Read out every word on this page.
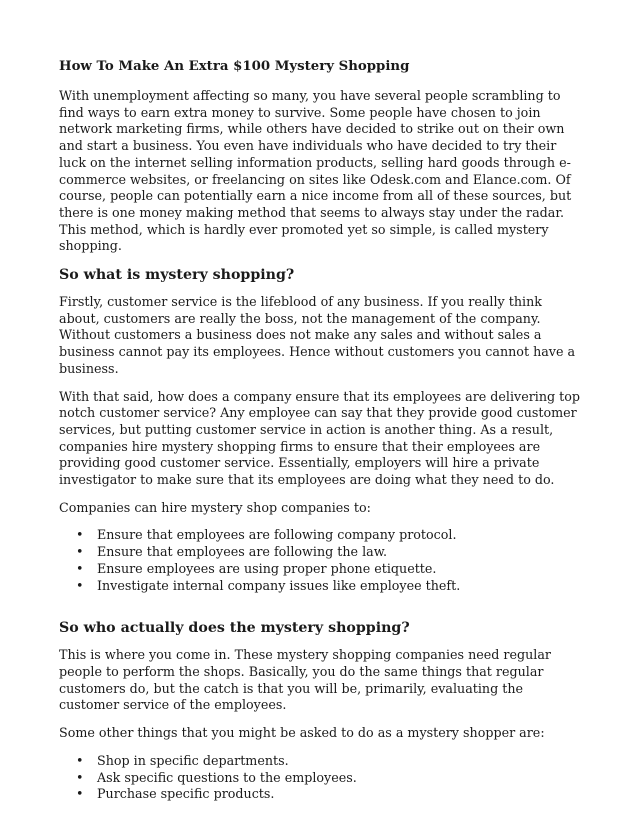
How To Make An Extra $100 Mystery Shopping

With unemployment affecting so many, you have several people scrambling to find ways to earn extra money to survive. Some people have chosen to join network marketing firms, while others have decided to strike out on their own and start a business. You even have individuals who have decided to try their luck on the internet selling information products, selling hard goods through e-commerce websites, or freelancing on sites like Odesk.com and Elance.com. Of course, people can potentially earn a nice income from all of these sources, but there is one money making method that seems to always stay under the radar. This method, which is hardly ever promoted yet so simple, is called mystery shopping.

So what is mystery shopping?

Firstly, customer service is the lifeblood of any business. If you really think about, customers are really the boss, not the management of the company. Without customers a business does not make any sales and without sales a business cannot pay its employees. Hence without customers you cannot have a business.

With that said, how does a company ensure that its employees are delivering top notch customer service? Any employee can say that they provide good customer services, but putting customer service in action is another thing. As a result, companies hire mystery shopping firms to ensure that their employees are providing good customer service. Essentially, employers will hire a private investigator to make sure that its employees are doing what they need to do.

Companies can hire mystery shop companies to:

• Ensure that employees are following company protocol.
• Ensure that employees are following the law.
• Ensure employees are using proper phone etiquette.
• Investigate internal company issues like employee theft.
So who actually does the mystery shopping?

This is where you come in. These mystery shopping companies need regular people to perform the shops. Basically, you do the same things that regular customers do, but the catch is that you will be, primarily, evaluating the customer service of the employees.

Some other things that you might be asked to do as a mystery shopper are:

• Shop in specific departments.
• Ask specific questions to the employees.
• Purchase specific products.
